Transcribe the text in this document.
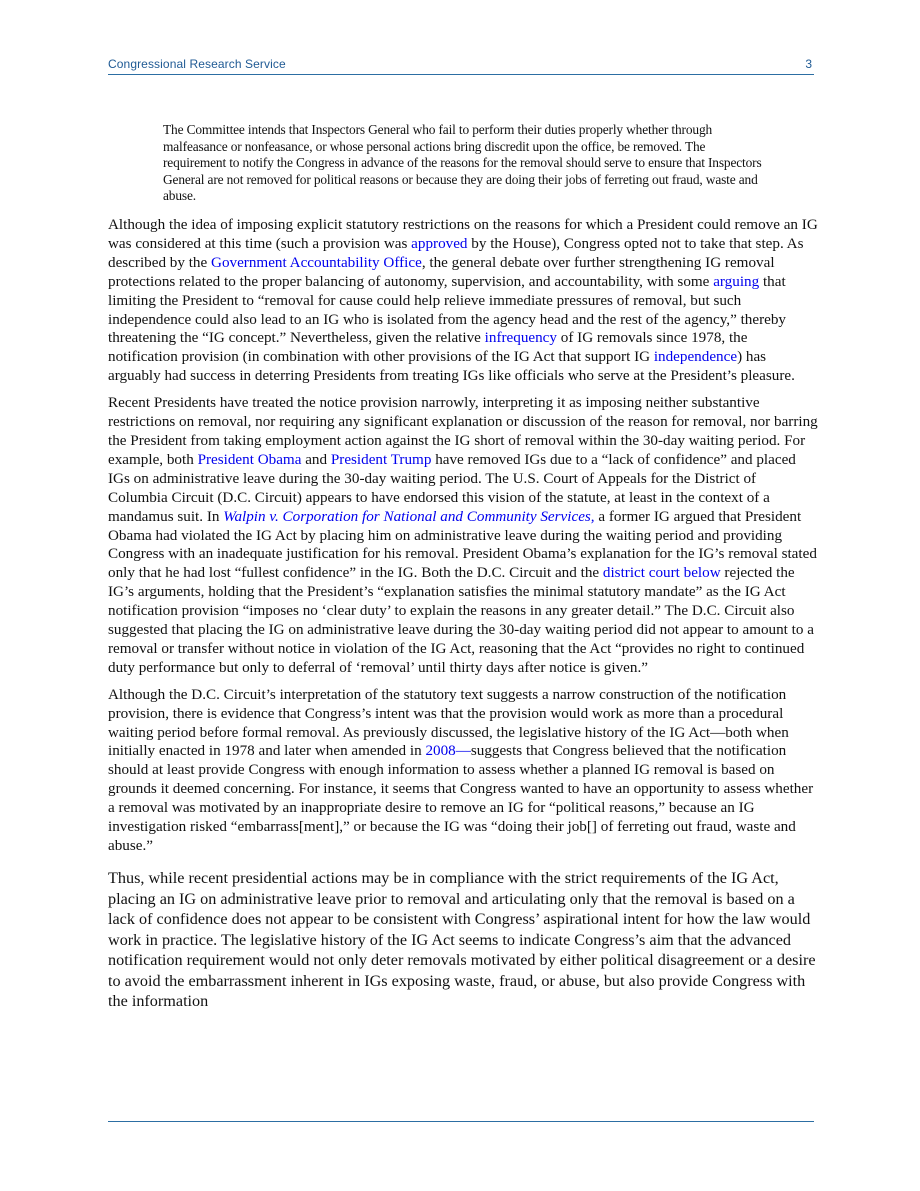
Congressional Research Service	3
The Committee intends that Inspectors General who fail to perform their duties properly whether through malfeasance or nonfeasance, or whose personal actions bring discredit upon the office, be removed. The requirement to notify the Congress in advance of the reasons for the removal should serve to ensure that Inspectors General are not removed for political reasons or because they are doing their jobs of ferreting out fraud, waste and abuse.

Although the idea of imposing explicit statutory restrictions on the reasons for which a President could remove an IG was considered at this time (such a provision was approved by the House), Congress opted not to take that step. As described by the Government Accountability Office, the general debate over further strengthening IG removal protections related to the proper balancing of autonomy, supervision, and accountability, with some arguing that limiting the President to “removal for cause could help relieve immediate pressures of removal, but such independence could also lead to an IG who is isolated from the agency head and the rest of the agency,” thereby threatening the “IG concept.” Nevertheless, given the relative infrequency of IG removals since 1978, the notification provision (in combination with other provisions of the IG Act that support IG independence) has arguably had success in deterring Presidents from treating IGs like officials who serve at the President’s pleasure.

Recent Presidents have treated the notice provision narrowly, interpreting it as imposing neither substantive restrictions on removal, nor requiring any significant explanation or discussion of the reason for removal, nor barring the President from taking employment action against the IG short of removal within the 30-day waiting period. For example, both President Obama and President Trump have removed IGs due to a “lack of confidence” and placed IGs on administrative leave during the 30-day waiting period. The U.S. Court of Appeals for the District of Columbia Circuit (D.C. Circuit) appears to have endorsed this vision of the statute, at least in the context of a mandamus suit. In Walpin v. Corporation for National and Community Services, a former IG argued that President Obama had violated the IG Act by placing him on administrative leave during the waiting period and providing Congress with an inadequate justification for his removal. President Obama’s explanation for the IG’s removal stated only that he had lost “fullest confidence” in the IG. Both the D.C. Circuit and the district court below rejected the IG’s arguments, holding that the President’s “explanation satisfies the minimal statutory mandate” as the IG Act notification provision “imposes no ‘clear duty’ to explain the reasons in any greater detail.” The D.C. Circuit also suggested that placing the IG on administrative leave during the 30-day waiting period did not appear to amount to a removal or transfer without notice in violation of the IG Act, reasoning that the Act “provides no right to continued duty performance but only to deferral of ‘removal’ until thirty days after notice is given.”

Although the D.C. Circuit’s interpretation of the statutory text suggests a narrow construction of the notification provision, there is evidence that Congress’s intent was that the provision would work as more than a procedural waiting period before formal removal. As previously discussed, the legislative history of the IG Act—both when initially enacted in 1978 and later when amended in 2008—suggests that Congress believed that the notification should at least provide Congress with enough information to assess whether a planned IG removal is based on grounds it deemed concerning. For instance, it seems that Congress wanted to have an opportunity to assess whether a removal was motivated by an inappropriate desire to remove an IG for “political reasons,” because an IG investigation risked “embarrass[ment],” or because the IG was “doing their job[] of ferreting out fraud, waste and abuse.”

Thus, while recent presidential actions may be in compliance with the strict requirements of the IG Act, placing an IG on administrative leave prior to removal and articulating only that the removal is based on a lack of confidence does not appear to be consistent with Congress’ aspirational intent for how the law would work in practice. The legislative history of the IG Act seems to indicate Congress’s aim that the advanced notification requirement would not only deter removals motivated by either political disagreement or a desire to avoid the embarrassment inherent in IGs exposing waste, fraud, or abuse, but also provide Congress with the information
